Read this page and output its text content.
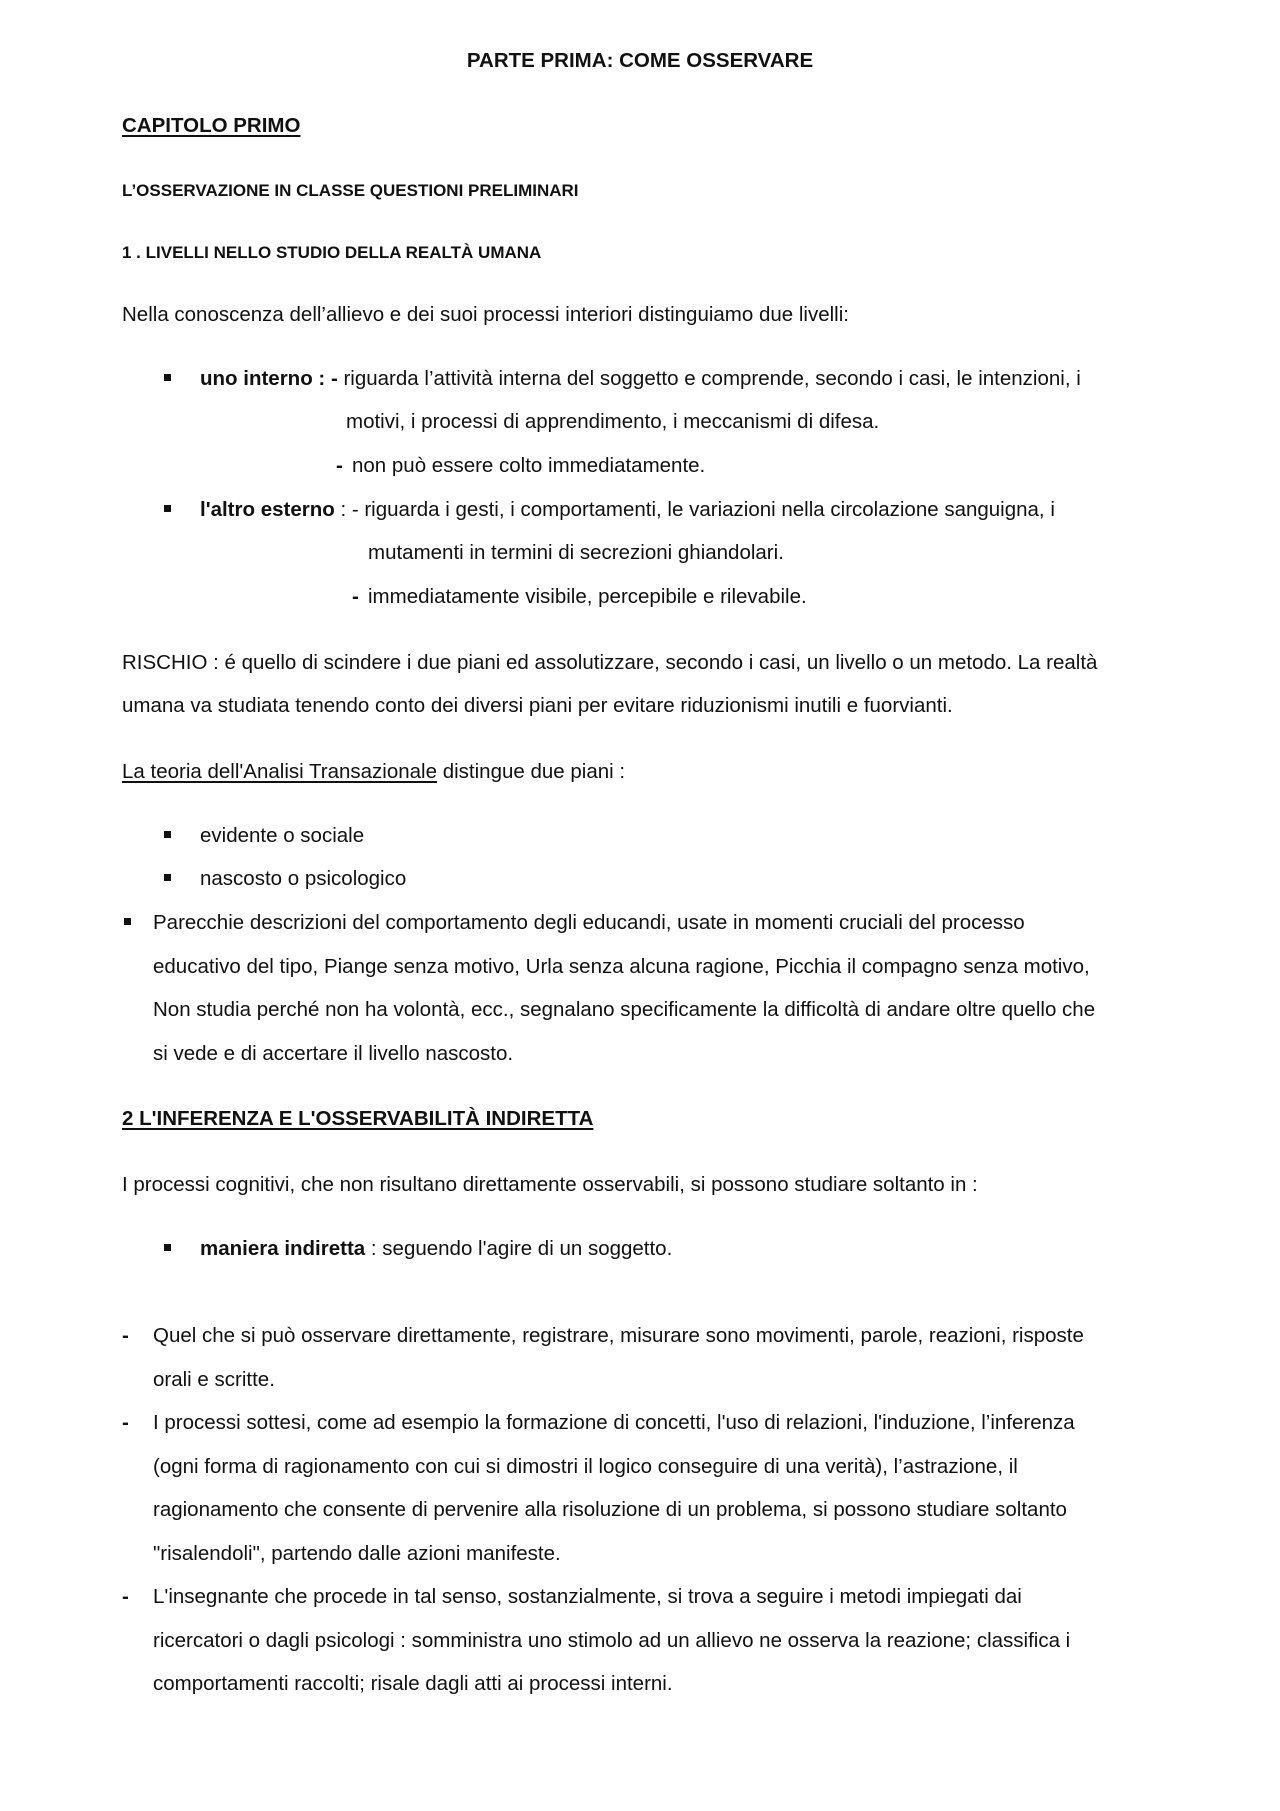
PARTE PRIMA: COME OSSERVARE
CAPITOLO PRIMO
L’OSSERVAZIONE IN CLASSE QUESTIONI PRELIMINARI
1 . LIVELLI NELLO STUDIO DELLA REALTÀ UMANA
Nella conoscenza dell’allievo e dei suoi processi interiori distinguiamo due livelli:
uno interno : - riguarda l’attività interna del soggetto e comprende, secondo i casi, le intenzioni, i
motivi, i processi di apprendimento, i meccanismi di difesa.
- non può essere colto immediatamente.
l'altro esterno : - riguarda i gesti, i comportamenti, le variazioni nella circolazione sanguigna, i
mutamenti in termini di secrezioni ghiandolari.
- immediatamente visibile, percepibile e rilevabile.
RISCHIO : é quello di scindere i due piani ed assolutizzare, secondo i casi, un livello o un metodo. La realtà
umana va studiata tenendo conto dei diversi piani per evitare riduzionismi inutili e fuorvianti.
La teoria dell'Analisi Transazionale distingue due piani :
evidente o sociale
nascosto o psicologico
Parecchie descrizioni del comportamento degli educandi, usate in momenti cruciali del processo
educativo del tipo, Piange senza motivo, Urla senza alcuna ragione, Picchia il compagno senza motivo,
Non studia perché non ha volontà, ecc., segnalano specificamente la difficoltà di andare oltre quello che
si vede e di accertare il livello nascosto.
2 L'INFERENZA E L'OSSERVABILITÀ INDIRETTA
I processi cognitivi, che non risultano direttamente osservabili, si possono studiare soltanto in :
maniera indiretta : seguendo l'agire di un soggetto.
- Quel che si può osservare direttamente, registrare, misurare sono movimenti, parole, reazioni, risposte
orali e scritte.
- I processi sottesi, come ad esempio la formazione di concetti, l'uso di relazioni, l'induzione, l’inferenza
(ogni forma di ragionamento con cui si dimostri il logico conseguire di una verità), l’astrazione, il
ragionamento che consente di pervenire alla risoluzione di un problema, si possono studiare soltanto
"risalendoli", partendo dalle azioni manifeste.
- L'insegnante che procede in tal senso, sostanzialmente, si trova a seguire i metodi impiegati dai
ricercatori o dagli psicologi : somministra uno stimolo ad un allievo ne osserva la reazione; classifica i
comportamenti raccolti; risale dagli atti ai processi interni.
